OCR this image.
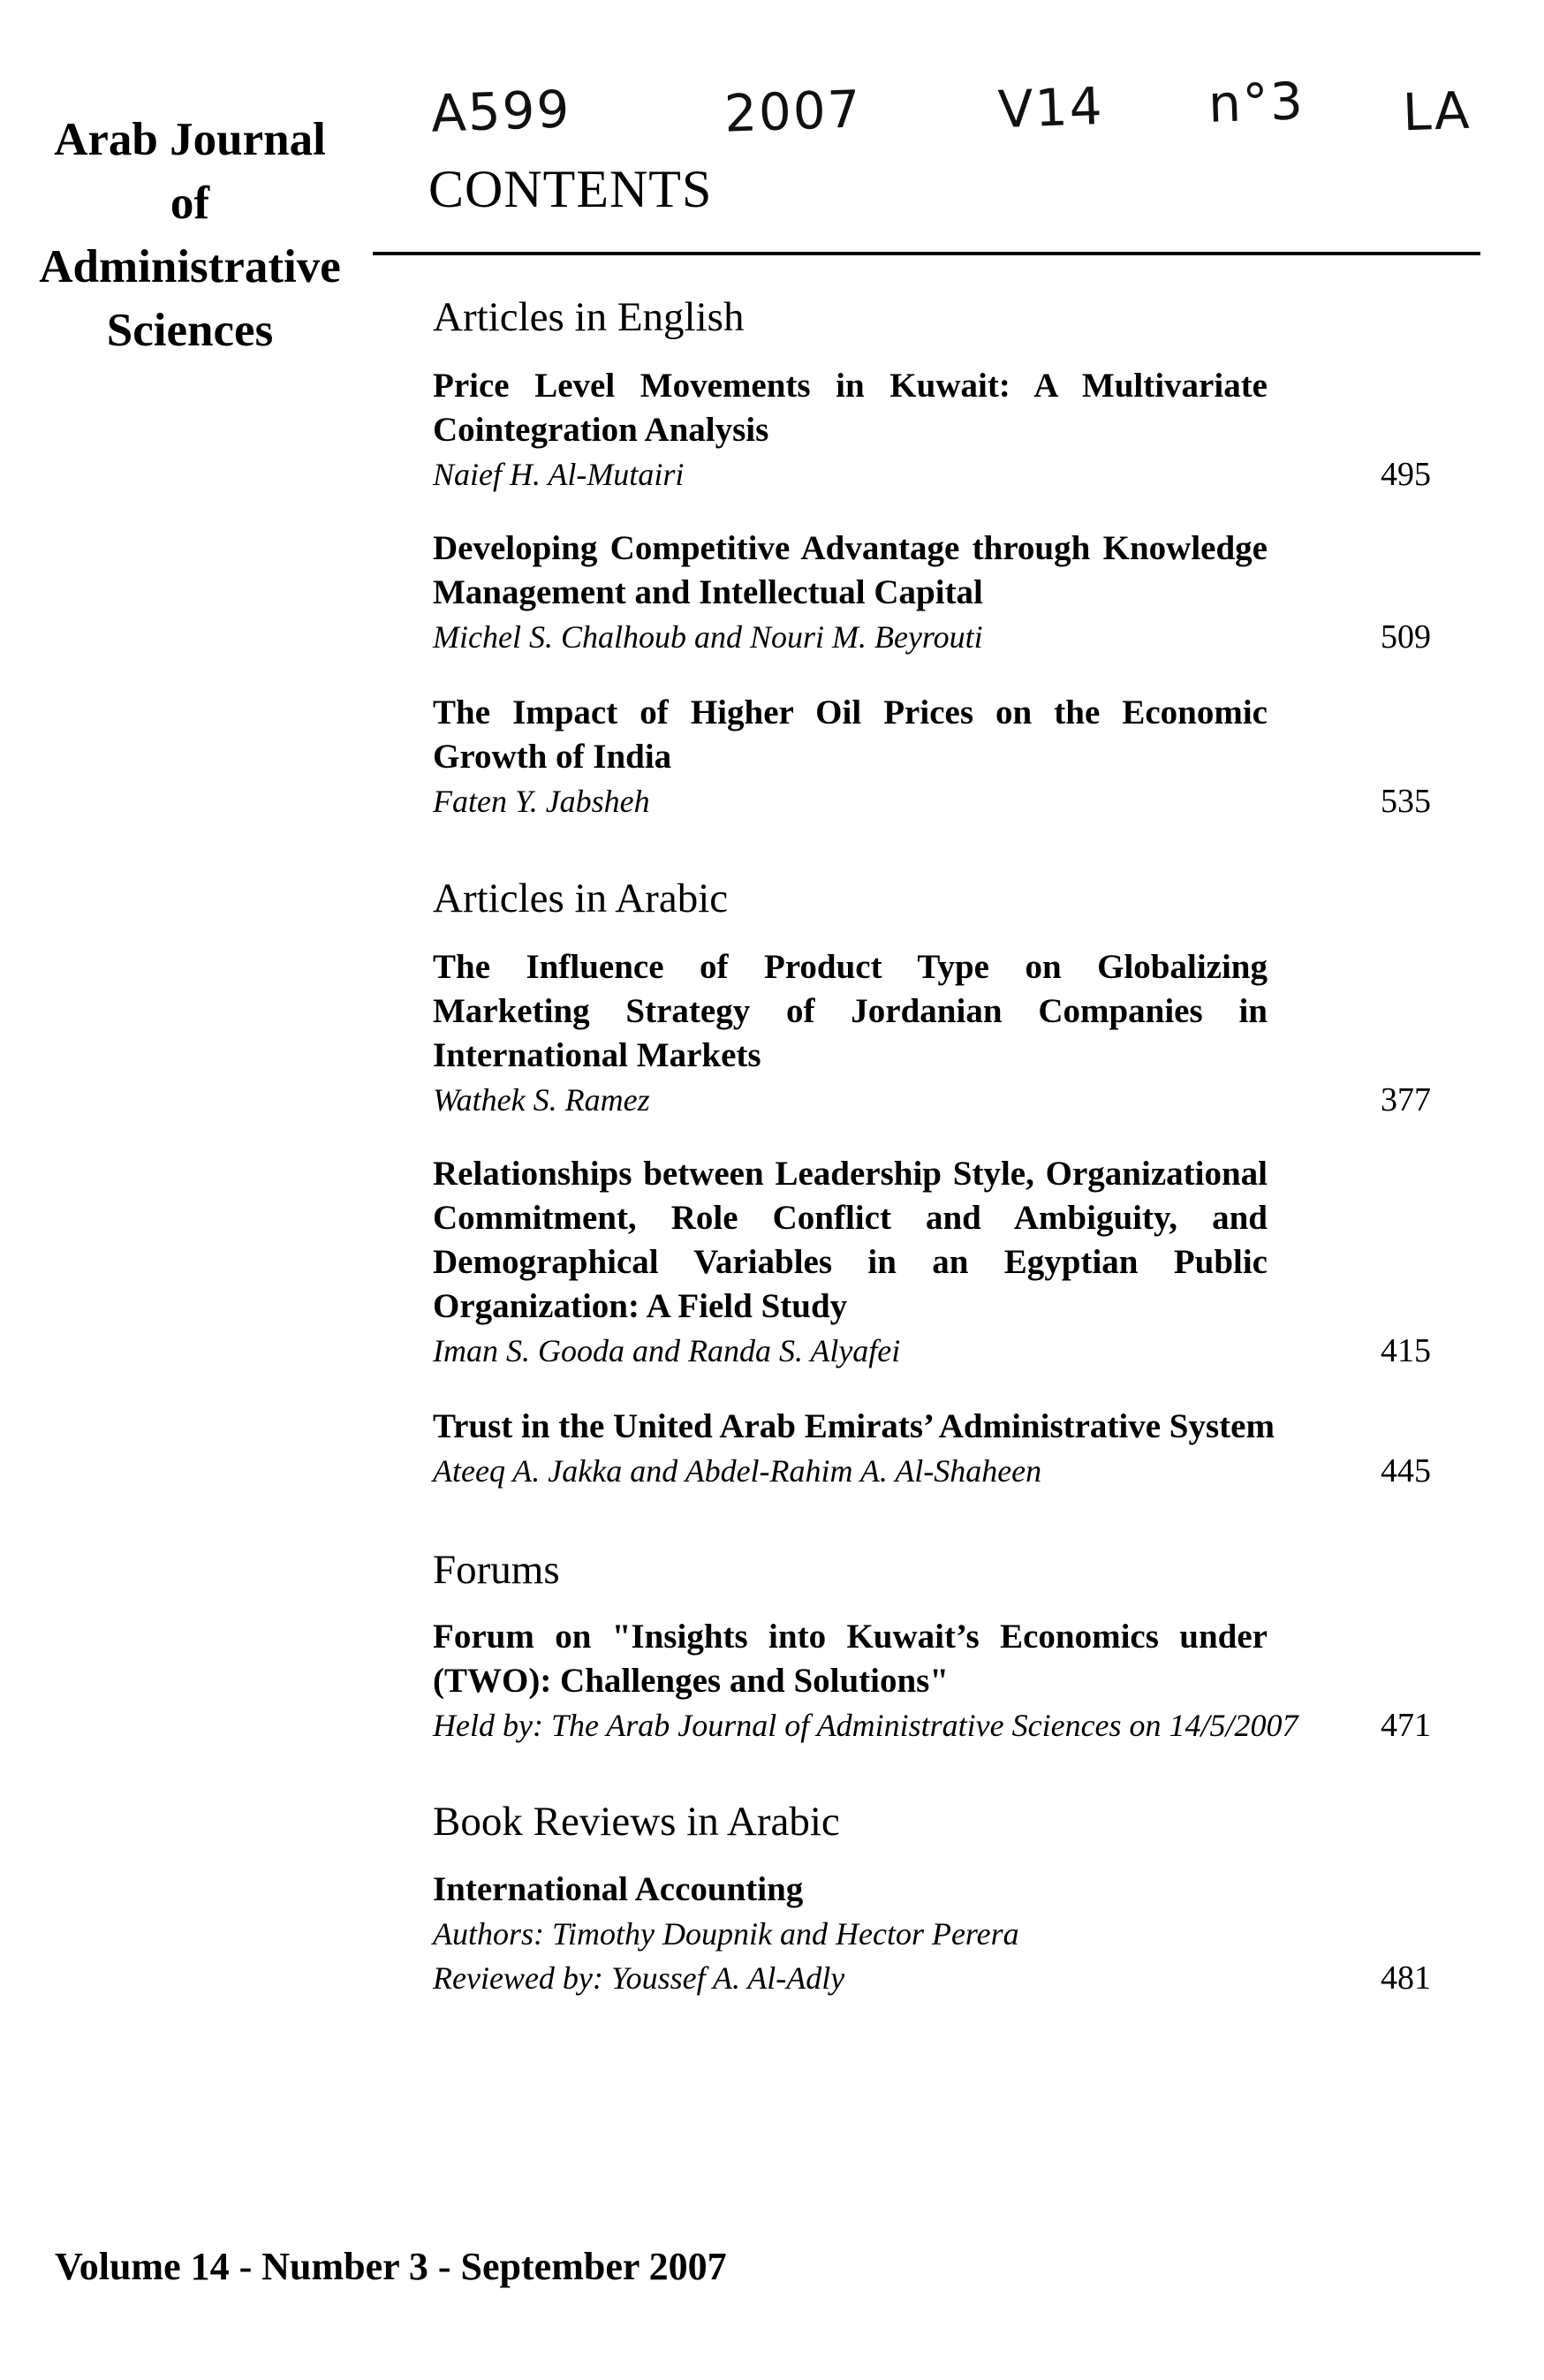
Arab Journal
of
Administrative
Sciences
A599	2007	V14 n°3 LA
CONTENTS
Articles in English
Price Level Movements in Kuwait: A Multivariate Cointegration Analysis
Naief H. Al-Mutairi	495
Developing Competitive Advantage through Knowledge Management and Intellectual Capital
Michel S. Chalhoub and Nouri M. Beyrouti	509
The Impact of Higher Oil Prices on the Economic Growth of India
Faten Y. Jabsheh	535
Articles in Arabic
The Influence of Product Type on Globalizing Marketing Strategy of Jordanian Companies in International Markets
Wathek S. Ramez	377
Relationships between Leadership Style, Organizational Commitment, Role Conflict and Ambiguity, and Demographical Variables in an Egyptian Public Organization: A Field Study
Iman S. Gooda and Randa S. Alyafei	415
Trust in the United Arab Emirats’ Administrative System
Ateeq A. Jakka and Abdel-Rahim A. Al-Shaheen	445
Forums
Forum on "Insights into Kuwait’s Economics under (TWO): Challenges and Solutions"
Held by: The Arab Journal of Administrative Sciences on 14/5/2007	471
Book Reviews in Arabic
International Accounting
Authors: Timothy Doupnik and Hector Perera
Reviewed by: Youssef A. Al-Adly	481
Volume 14 - Number 3 - September 2007
